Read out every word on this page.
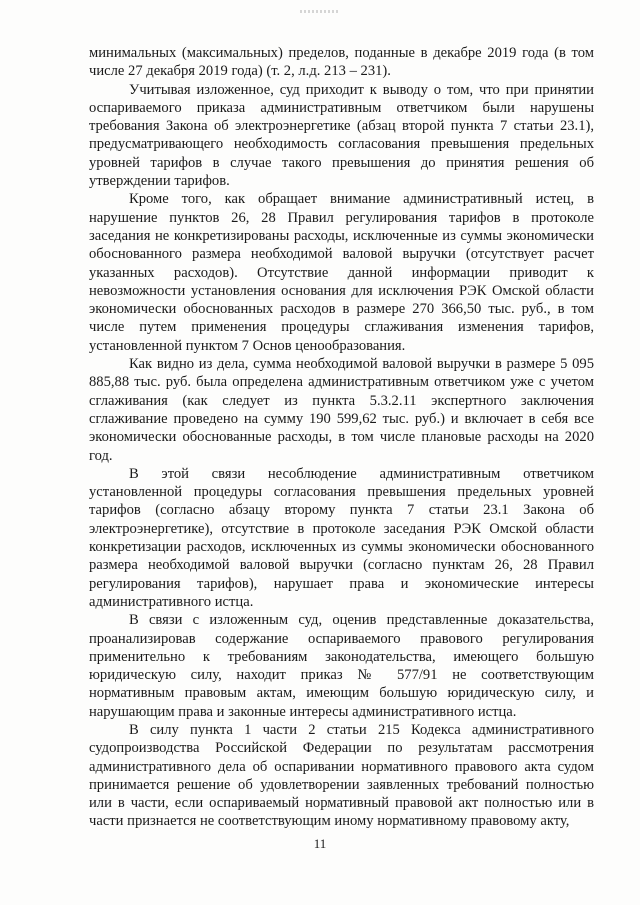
минимальных (максимальных) пределов, поданные в декабре 2019 года (в том числе 27 декабря 2019 года) (т. 2, л.д. 213 – 231).

Учитывая изложенное, суд приходит к выводу о том, что при принятии оспариваемого приказа административным ответчиком были нарушены требования Закона об электроэнергетике (абзац второй пункта 7 статьи 23.1), предусматривающего необходимость согласования превышения предельных уровней тарифов в случае такого превышения до принятия решения об утверждении тарифов.

Кроме того, как обращает внимание административный истец, в нарушение пунктов 26, 28 Правил регулирования тарифов в протоколе заседания не конкретизированы расходы, исключенные из суммы экономически обоснованного размера необходимой валовой выручки (отсутствует расчет указанных расходов). Отсутствие данной информации приводит к невозможности установления основания для исключения РЭК Омской области экономически обоснованных расходов в размере 270 366,50 тыс. руб., в том числе путем применения процедуры сглаживания изменения тарифов, установленной пунктом 7 Основ ценообразования.

Как видно из дела, сумма необходимой валовой выручки в размере 5 095 885,88 тыс. руб. была определена административным ответчиком уже с учетом сглаживания (как следует из пункта 5.3.2.11 экспертного заключения сглаживание проведено на сумму 190 599,62 тыс. руб.) и включает в себя все экономически обоснованные расходы, в том числе плановые расходы на 2020 год.

В этой связи несоблюдение административным ответчиком установленной процедуры согласования превышения предельных уровней тарифов (согласно абзацу второму пункта 7 статьи 23.1 Закона об электроэнергетике), отсутствие в протоколе заседания РЭК Омской области конкретизации расходов, исключенных из суммы экономически обоснованного размера необходимой валовой выручки (согласно пунктам 26, 28 Правил регулирования тарифов), нарушает права и экономические интересы административного истца.

В связи с изложенным суд, оценив представленные доказательства, проанализировав содержание оспариваемого правового регулирования применительно к требованиям законодательства, имеющего большую юридическую силу, находит приказ № 577/91 не соответствующим нормативным правовым актам, имеющим большую юридическую силу, и нарушающим права и законные интересы административного истца.

В силу пункта 1 части 2 статьи 215 Кодекса административного судопроизводства Российской Федерации по результатам рассмотрения административного дела об оспаривании нормативного правового акта судом принимается решение об удовлетворении заявленных требований полностью или в части, если оспариваемый нормативный правовой акт полностью или в части признается не соответствующим иному нормативному правовому акту,

11
